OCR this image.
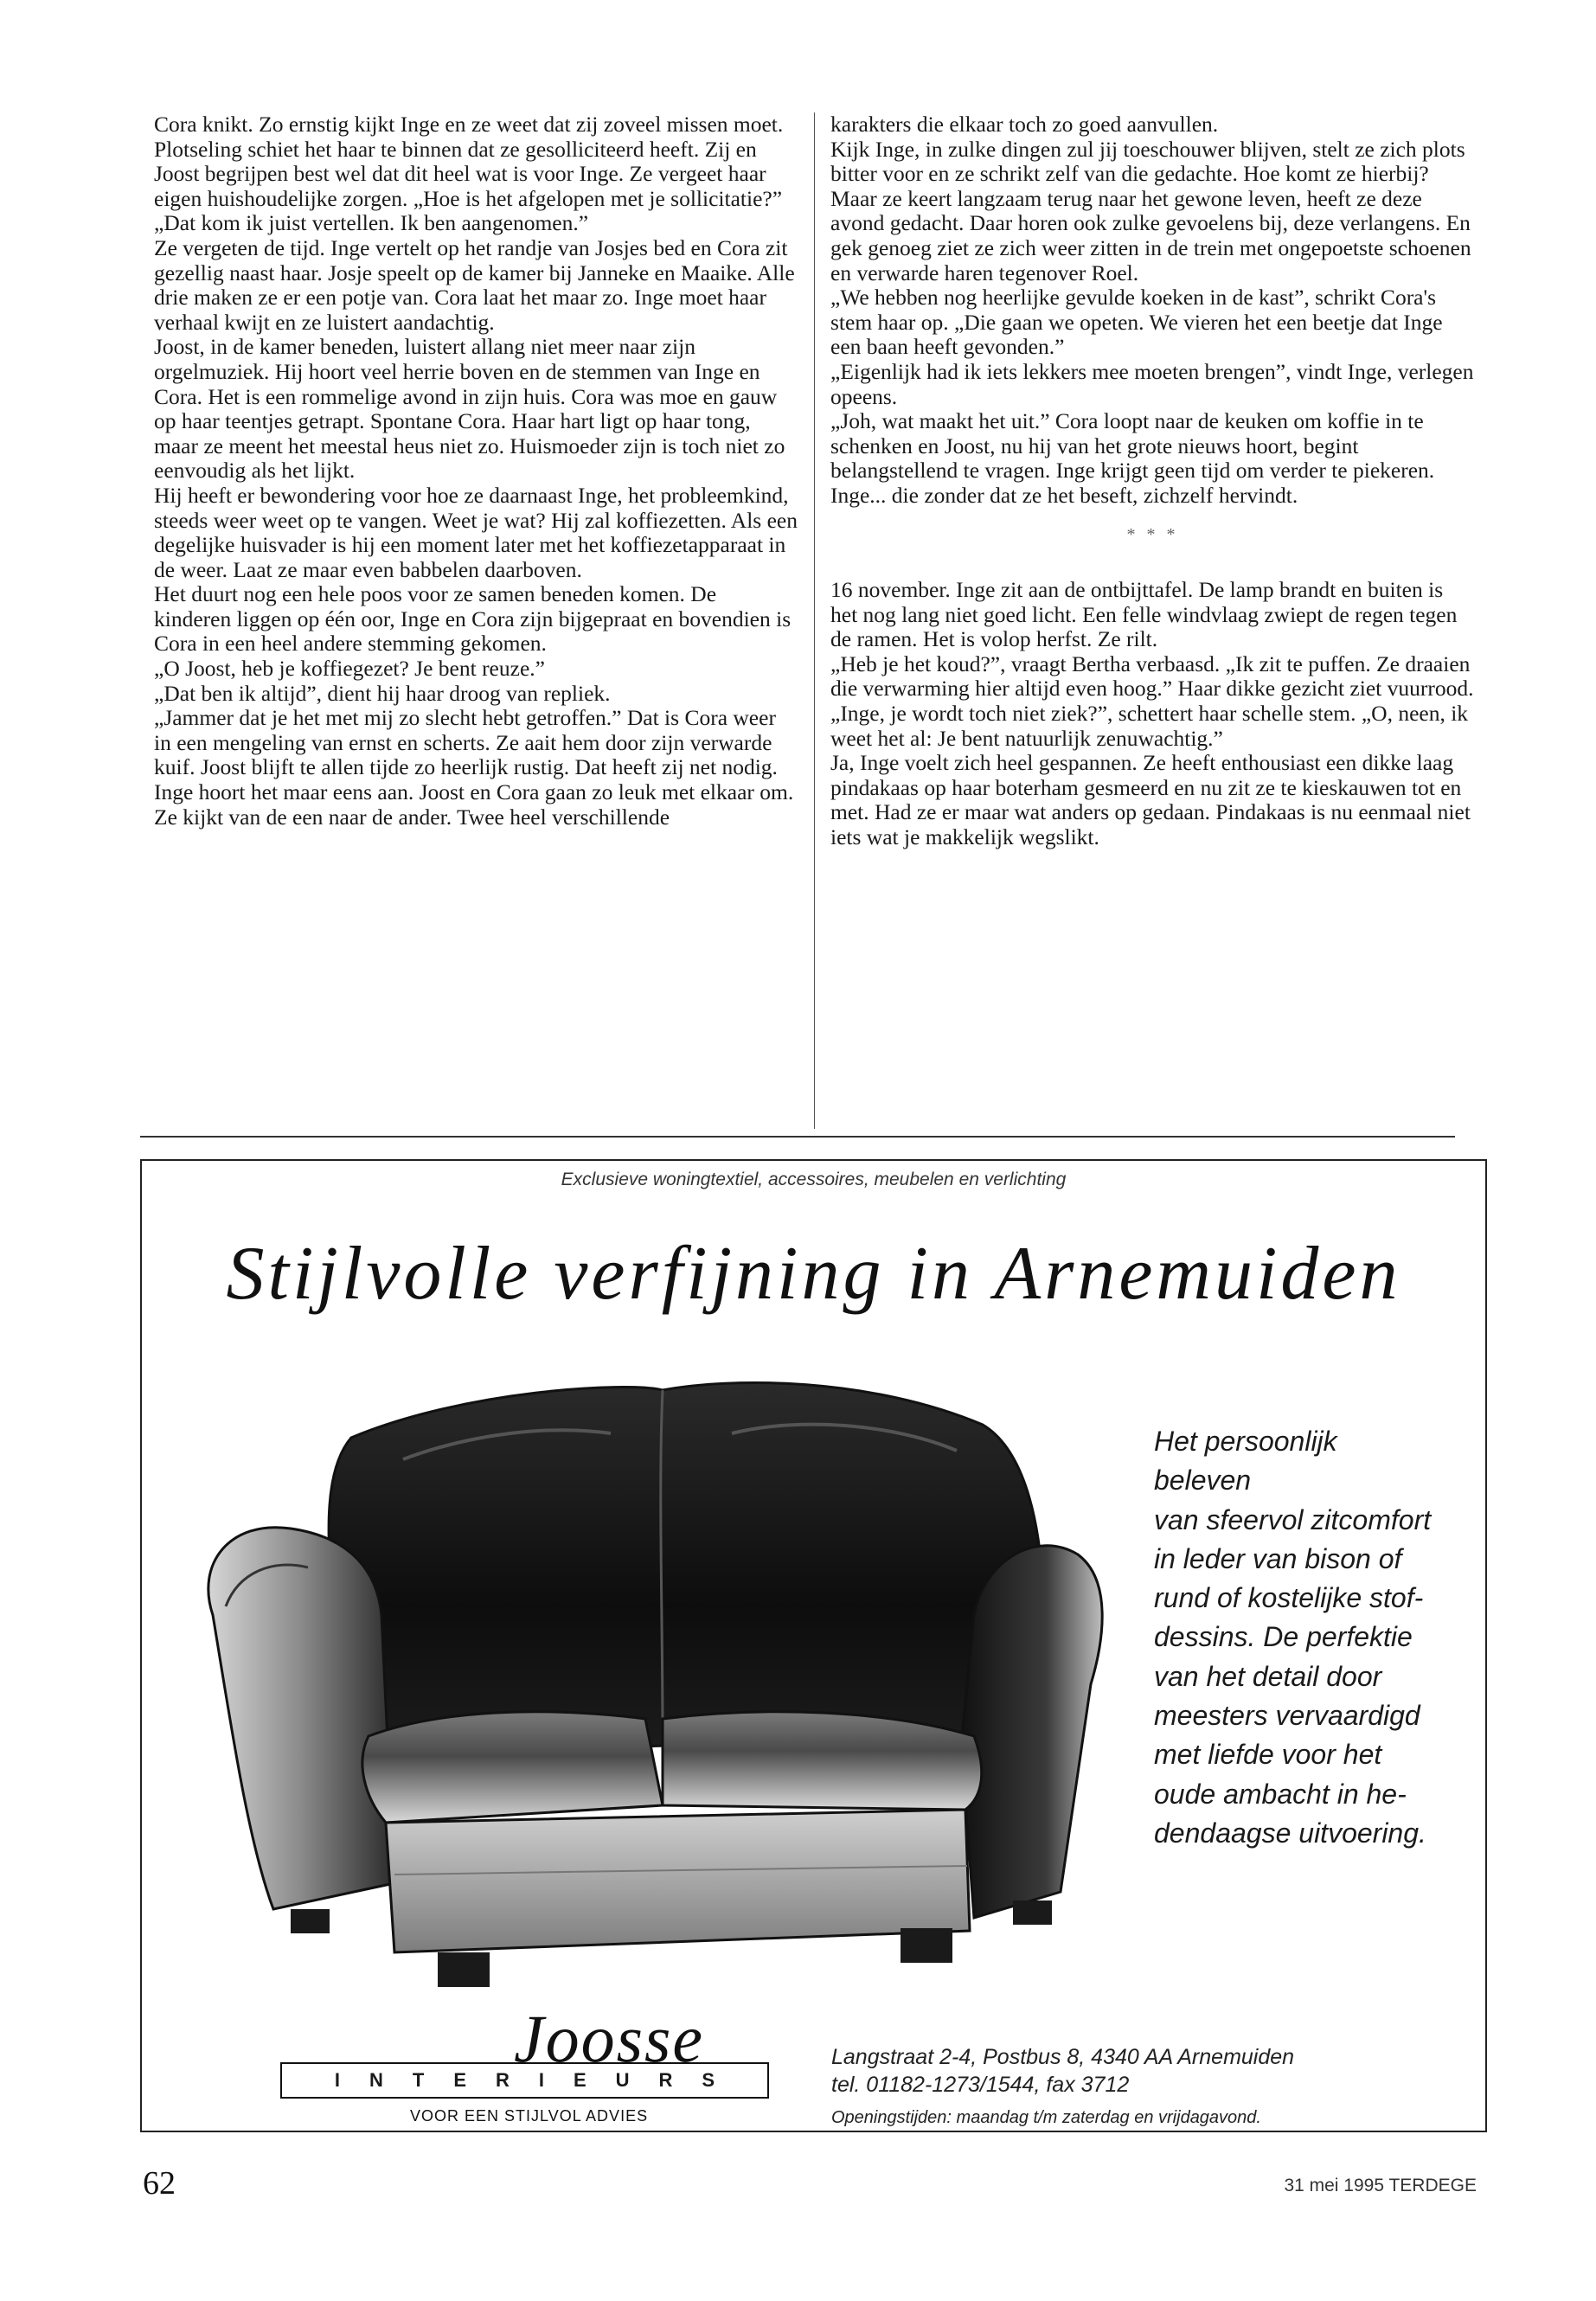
Cora knikt. Zo ernstig kijkt Inge en ze weet dat zij zoveel missen moet. Plotseling schiet het haar te binnen dat ze gesolliciteerd heeft. Zij en Joost begrijpen best wel dat dit heel wat is voor Inge. Ze vergeet haar eigen huishoudelijke zorgen. „Hoe is het afgelopen met je sollicitatie?”

„Dat kom ik juist vertellen. Ik ben aangenomen.”

Ze vergeten de tijd. Inge vertelt op het randje van Josjes bed en Cora zit gezellig naast haar. Josje speelt op de kamer bij Janneke en Maaike. Alle drie maken ze er een potje van. Cora laat het maar zo. Inge moet haar verhaal kwijt en ze luistert aandachtig.

Joost, in de kamer beneden, luistert allang niet meer naar zijn orgelmuziek. Hij hoort veel herrie boven en de stemmen van Inge en Cora. Het is een rommelige avond in zijn huis. Cora was moe en gauw op haar teentjes getrapt. Spontane Cora. Haar hart ligt op haar tong, maar ze meent het meestal heus niet zo. Huismoeder zijn is toch niet zo eenvoudig als het lijkt.

Hij heeft er bewondering voor hoe ze daarnaast Inge, het probleemkind, steeds weer weet op te vangen. Weet je wat? Hij zal koffiezetten. Als een degelijke huisvader is hij een moment later met het koffiezetapparaat in de weer. Laat ze maar even babbelen daarboven.

Het duurt nog een hele poos voor ze samen beneden komen. De kinderen liggen op één oor, Inge en Cora zijn bijgepraat en bovendien is Cora in een heel andere stemming gekomen.

„O Joost, heb je koffiegezet? Je bent reuze.”

„Dat ben ik altijd”, dient hij haar droog van repliek.

„Jammer dat je het met mij zo slecht hebt getroffen.” Dat is Cora weer in een mengeling van ernst en scherts. Ze aait hem door zijn verwarde kuif. Joost blijft te allen tijde zo heerlijk rustig. Dat heeft zij net nodig. Inge hoort het maar eens aan. Joost en Cora gaan zo leuk met elkaar om. Ze kijkt van de een naar de ander. Twee heel verschillende

karakters die elkaar toch zo goed aanvullen.

Kijk Inge, in zulke dingen zul jij toeschouwer blijven, stelt ze zich plots bitter voor en ze schrikt zelf van die gedachte. Hoe komt ze hierbij? Maar ze keert langzaam terug naar het gewone leven, heeft ze deze avond gedacht. Daar horen ook zulke gevoelens bij, deze verlangens. En gek genoeg ziet ze zich weer zitten in de trein met ongepoetste schoenen en verwarde haren tegenover Roel.

„We hebben nog heerlijke gevulde koeken in de kast”, schrikt Cora's stem haar op. „Die gaan we opeten. We vieren het een beetje dat Inge een baan heeft gevonden.”

„Eigenlijk had ik iets lekkers mee moeten brengen”, vindt Inge, verlegen opeens.

„Joh, wat maakt het uit.” Cora loopt naar de keuken om koffie in te schenken en Joost, nu hij van het grote nieuws hoort, begint belangstellend te vragen. Inge krijgt geen tijd om verder te piekeren. Inge... die zonder dat ze het beseft, zichzelf hervindt.

* * *

16 november. Inge zit aan de ontbijttafel. De lamp brandt en buiten is het nog lang niet goed licht. Een felle windvlaag zwiept de regen tegen de ramen. Het is volop herfst. Ze rilt.

„Heb je het koud?”, vraagt Bertha verbaasd. „Ik zit te puffen. Ze draaien die verwarming hier altijd even hoog.” Haar dikke gezicht ziet vuurrood. „Inge, je wordt toch niet ziek?”, schettert haar schelle stem. „O, neen, ik weet het al: Je bent natuurlijk zenuwachtig.”

Ja, Inge voelt zich heel gespannen. Ze heeft enthousiast een dikke laag pindakaas op haar boterham gesmeerd en nu zit ze te kieskauwen tot en met. Had ze er maar wat anders op gedaan. Pindakaas is nu eenmaal niet iets wat je makkelijk wegslikt.

Exclusieve woningtextiel, accessoires, meubelen en verlichting
Stijlvolle verfijning in Arnemuiden

Het persoonlijk beleven

van sfeervol zitcomfort

in leder van bison of

rund of kostelijke stof-

dessins. De perfektie

van het detail door

meesters vervaardigd

met liefde voor het

oude ambacht in he-

dendaagse uitvoering.

Joosse
INTERIEURS
VOOR EEN STIJLVOL ADVIES
Langstraat 2-4, Postbus 8, 4340 AA Arnemuiden
tel. 01182-1273/1544, fax 3712
Openingstijden: maandag t/m zaterdag en vrijdagavond.
62	31 mei 1995 TERDEGE
